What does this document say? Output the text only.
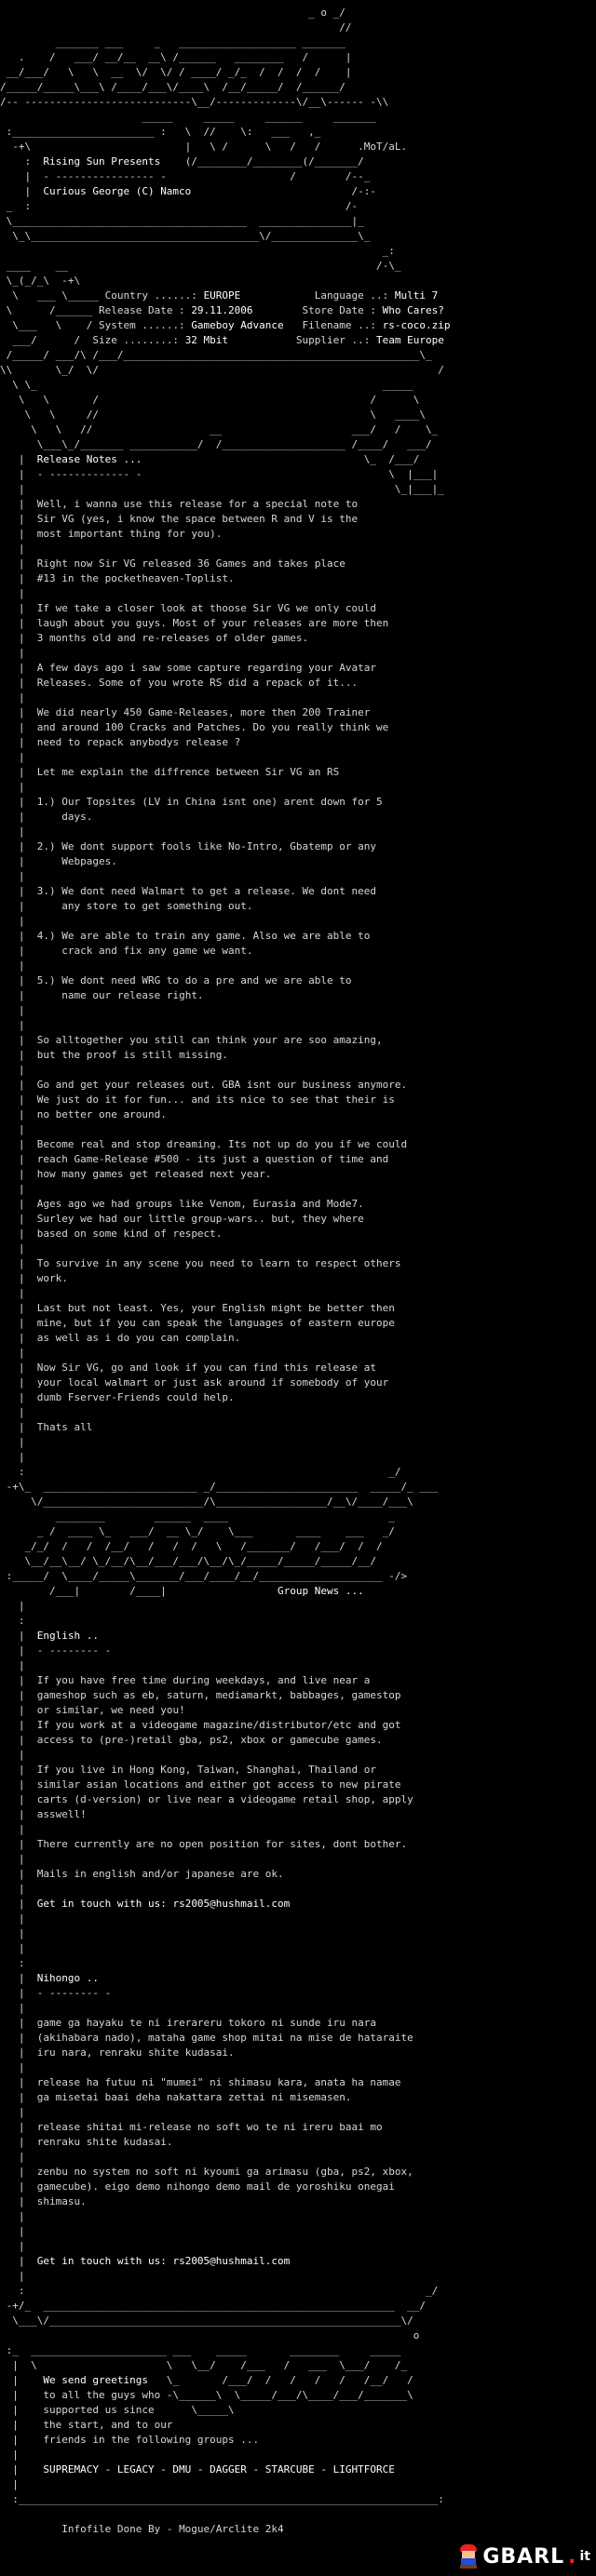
_ o _/
//
_______ ___     _   ___________________ _______
.    /   ___/ __/__  __\ /______   ________   /      |
__/___/   \   \  __  \/  \/ / ____/ _/_  /  /  /  /    |
/_____/_____\___\ /____/___\/____\  /__/_____/  /______/
/-- ---------------------------\__/-------------\/__\------ -\\
_____     _____     ______     _______
:_______________________ :   \  //    \:   ___   ,_
-+\                         |   \ /      \   /   /      .MoT/aL.
:  Rising Sun Presents    (/________/________(/_______/
|  - ---------------- -                    /        /--_
|  Curious George (C) Namco	/-:-
_  :                                                   /-
\______________________________________  _______________|_
\_\_____________________________________\/______________\_
_:
____    __                                                  /-\_
\_(_/_\  -+\
\   ___ \_____ Country ......: EUROPE	Language ..: Multi 7
\      /______ Release Date : 29.11.2006	Store Date : Who Cares?
\___   \    / System ......: Gameboy Advance Filename ..: rs-coco.zip
___/      /  Size ........: 32 Mbit	Supplier ..: Team Europe
/_____/ ___/\ /___/________________________________________________\_
\\       \_/  \/                                                       /
\ \_                                                        _____
\   \       /                                            /      \
\   \     //                                            \   ____\
\   \   //                   __                     ___/   /    \_
\___\_/_______ ___________/  /____________________ /____/   ___/
|  Release Notes ...	\_  /___/
|  - ------------- -                                        \  |___|
|                                                            \_|___|_
|  Well, i wanna use this release for a special note to
|  Sir VG (yes, i know the space between R and V is the
|  most important thing for you).
|
|  Right now Sir VG released 36 Games and takes place
|  #13 in the pocketheaven-Toplist.
|
|  If we take a closer look at thoose Sir VG we only could
|  laugh about you guys. Most of your releases are more then
|  3 months old and re-releases of older games.
|
|  A few days ago i saw some capture regarding your Avatar
|  Releases. Some of you wrote RS did a repack of it...
|
|  We did nearly 450 Game-Releases, more then 200 Trainer
|  and around 100 Cracks and Patches. Do you really think we
|  need to repack anybodys release ?
|
|  Let me explain the diffrence between Sir VG an RS
|
|  1.) Our Topsites (LV in China isnt one) arent down for 5
|      days.
|
|  2.) We dont support fools like No-Intro, Gbatemp or any
|      Webpages.
|
|  3.) We dont need Walmart to get a release. We dont need
|      any store to get something out.
|
|  4.) We are able to train any game. Also we are able to
|      crack and fix any game we want.
|
|  5.) We dont need WRG to do a pre and we are able to
|      name our release right.
|
|
|  So alltogether you still can think your are soo amazing,
|  but the proof is still missing.
|
|  Go and get your releases out. GBA isnt our business anymore.
|  We just do it for fun... and its nice to see that their is
|  no better one around.
|
|  Become real and stop dreaming. Its not up do you if we could
|  reach Game-Release #500 - its just a question of time and
|  how many games get released next year.
|
|  Ages ago we had groups like Venom, Eurasia and Mode7.
|  Surley we had our little group-wars.. but, they where
|  based on some kind of respect.
|
|  To survive in any scene you need to learn to respect others
|  work.
|
|  Last but not least. Yes, your English might be better then
|  mine, but if you can speak the languages of eastern europe
|  as well as i do you can complain.
|
|  Now Sir VG, go and look if you can find this release at
|  your local walmart or just ask around if somebody of your
|  dumb Fserver-Friends could help.
|
|  Thats all
|
|
:                                                           _/
-+\_  _________________________ _/_______________________  _____/_ ___
\/__________________________/\__________________/__\/____/___\
________        ______  ____                          _
_ /  ____ \_   ___/  __ \_/    \___       ____    ___   _/
_/_/  /   /  /__/   /   /  /   \   /_______/   /___/  /  /
\__/__\__/ \_/__/\__/___/___/\__/\_/_____/_____/_____/__/
:_____/  \____/_____\_______/___/____/__/____________________ -/>
/___|        /____|	Group News ...
|
:
|  English ..
|  - -------- -
|
|  If you have free time during weekdays, and live near a
|  gameshop such as eb, saturn, mediamarkt, babbages, gamestop
|  or similar, we need you!
|  If you work at a videogame magazine/distributor/etc and got
|  access to (pre-)retail gba, ps2, xbox or gamecube games.
|
|  If you live in Hong Kong, Taiwan, Shanghai, Thailand or
|  similar asian locations and either got access to new pirate
|  carts (d-version) or live near a videogame retail shop, apply
|  asswell!
|
|  There currently are no open position for sites, dont bother.
|
|  Mails in english and/or japanese are ok.
|
|  Get in touch with us: rs2005@hushmail.com
|
|
|
:
|  Nihongo ..
|  - -------- -
|
|  game ga hayaku te ni irerareru tokoro ni sunde iru nara
|  (akihabara nado), mataha game shop mitai na mise de hataraite
|  iru nara, renraku shite kudasai.
|
|  release ha futuu ni "mumei" ni shimasu kara, anata ha namae
|  ga misetai baai deha nakattara zettai ni misemasen.
|
|  release shitai mi-release no soft wo te ni ireru baai mo
|  renraku shite kudasai.
|
|  zenbu no system no soft ni kyoumi ga arimasu (gba, ps2, xbox,
|  gamecube). eigo demo nihongo demo mail de yoroshiku onegai
|  shimasu.
|
|
|
|  Get in touch with us: rs2005@hushmail.com
|
:                                                                 _/
-+/_  _________________________________________________________  __/
\___\/_________________________________________________________\/
o
:_  ______________________ ___    _____       ________     _____
|  \                     \   \__/    /___   /   ___  \___/    /_
|    We send greetings   \_       /___/  /   /   /   /   /__/   /
|    to all the guys who -\______\  \_____/___/\____/___/_______\
|    supported us since	\_____\
|    the start, and to our
|    friends in the following groups ...
|
|    SUPREMACY - LEGACY - DMU - DAGGER - STARCUBE - LIGHTFORCE
|
:____________________________________________________________________:

Infofile Done By - Mogue/Arclite 2k4
GBARL . it
